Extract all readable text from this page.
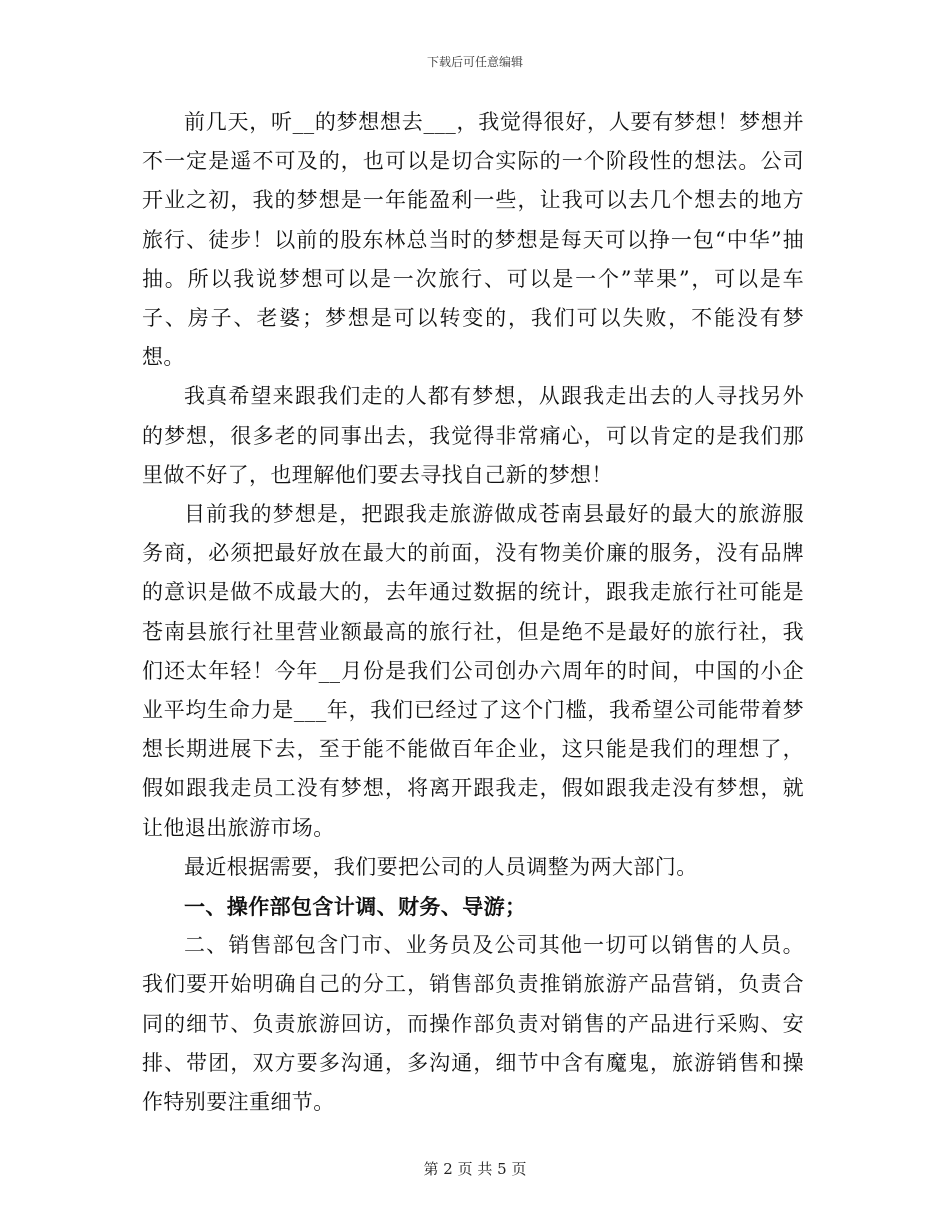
下载后可任意编辑

前几天，听__的梦想想去___，我觉得很好，人要有梦想！梦想并不一定是遥不可及的，也可以是切合实际的一个阶段性的想法。公司开业之初，我的梦想是一年能盈利一些，让我可以去几个想去的地方旅行、徒步！以前的股东林总当时的梦想是每天可以挣一包“中华”抽抽。所以我说梦想可以是一次旅行、可以是一个”苹果”，可以是车子、房子、老婆；梦想是可以转变的，我们可以失败，不能没有梦想。

我真希望来跟我们走的人都有梦想，从跟我走出去的人寻找另外的梦想，很多老的同事出去，我觉得非常痛心，可以肯定的是我们那里做不好了，也理解他们要去寻找自己新的梦想！

目前我的梦想是，把跟我走旅游做成苍南县最好的最大的旅游服务商，必须把最好放在最大的前面，没有物美价廉的服务，没有品牌的意识是做不成最大的，去年通过数据的统计，跟我走旅行社可能是苍南县旅行社里营业额最高的旅行社，但是绝不是最好的旅行社，我们还太年轻！今年__月份是我们公司创办六周年的时间，中国的小企业平均生命力是___年，我们已经过了这个门槛，我希望公司能带着梦想长期进展下去，至于能不能做百年企业，这只能是我们的理想了，假如跟我走员工没有梦想，将离开跟我走，假如跟我走没有梦想，就让他退出旅游市场。

最近根据需要，我们要把公司的人员调整为两大部门。

一、操作部包含计调、财务、导游；

二、销售部包含门市、业务员及公司其他一切可以销售的人员。我们要开始明确自己的分工，销售部负责推销旅游产品营销，负责合同的细节、负责旅游回访，而操作部负责对销售的产品进行采购、安排、带团，双方要多沟通，多沟通，细节中含有魔鬼，旅游销售和操作特别要注重细节。

第 2 页 共 5 页
